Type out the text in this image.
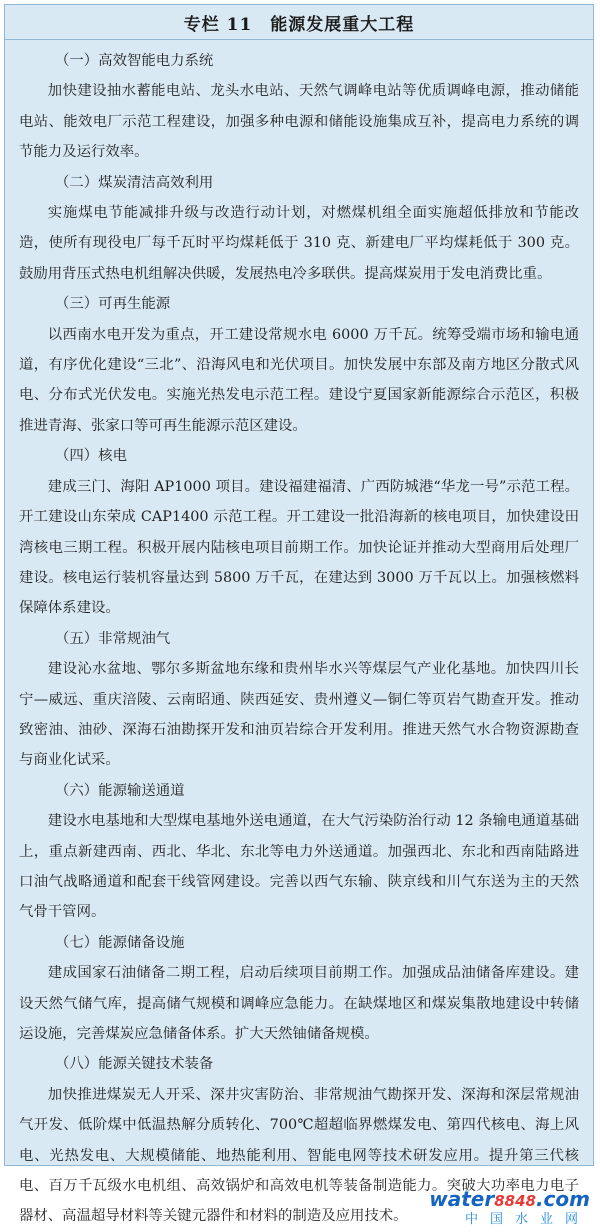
专栏 11 能源发展重大工程
（一）高效智能电力系统

加快建设抽水蓄能电站、龙头水电站、天然气调峰电站等优质调峰电源，推动储能电站、能效电厂示范工程建设，加强多种电源和储能设施集成互补，提高电力系统的调节能力及运行效率。

（二）煤炭清洁高效利用

实施煤电节能减排升级与改造行动计划，对燃煤机组全面实施超低排放和节能改造，使所有现役电厂每千瓦时平均煤耗低于 310 克、新建电厂平均煤耗低于 300 克。鼓励用背压式热电机组解决供暖，发展热电冷多联供。提高煤炭用于发电消费比重。

（三）可再生能源

以西南水电开发为重点，开工建设常规水电 6000 万千瓦。统筹受端市场和输电通道，有序优化建设“三北”、沿海风电和光伏项目。加快发展中东部及南方地区分散式风电、分布式光伏发电。实施光热发电示范工程。建设宁夏国家新能源综合示范区，积极推进青海、张家口等可再生能源示范区建设。

（四）核电

建成三门、海阳 AP1000 项目。建设福建福清、广西防城港“华龙一号”示范工程。开工建设山东荣成 CAP1400 示范工程。开工建设一批沿海新的核电项目，加快建设田湾核电三期工程。积极开展内陆核电项目前期工作。加快论证并推动大型商用后处理厂建设。核电运行装机容量达到 5800 万千瓦，在建达到 3000 万千瓦以上。加强核燃料保障体系建设。

（五）非常规油气

建设沁水盆地、鄂尔多斯盆地东缘和贵州毕水兴等煤层气产业化基地。加快四川长宁—威远、重庆涪陵、云南昭通、陕西延安、贵州遵义—铜仁等页岩气勘查开发。推动致密油、油砂、深海石油勘探开发和油页岩综合开发利用。推进天然气水合物资源勘查与商业化试采。

（六）能源输送通道

建设水电基地和大型煤电基地外送电通道，在大气污染防治行动 12 条输电通道基础上，重点新建西南、西北、华北、东北等电力外送通道。加强西北、东北和西南陆路进口油气战略通道和配套干线管网建设。完善以西气东输、陕京线和川气东送为主的天然气骨干管网。

（七）能源储备设施

建成国家石油储备二期工程，启动后续项目前期工作。加强成品油储备库建设。建设天然气储气库，提高储气规模和调峰应急能力。在缺煤地区和煤炭集散地建设中转储运设施，完善煤炭应急储备体系。扩大天然铀储备规模。

（八）能源关键技术装备

加快推进煤炭无人开采、深井灾害防治、非常规油气勘探开发、深海和深层常规油气开发、低阶煤中低温热解分质转化、700℃超超临界燃煤发电、第四代核电、海上风电、光热发电、大规模储能、地热能利用、智能电网等技术研发应用。提升第三代核电、百万千瓦级水电机组、高效锅炉和高效电机等装备制造能力。突破大功率电力电子器材、高温超导材料等关键元器件和材料的制造及应用技术。

water8848.com
中国水业网
